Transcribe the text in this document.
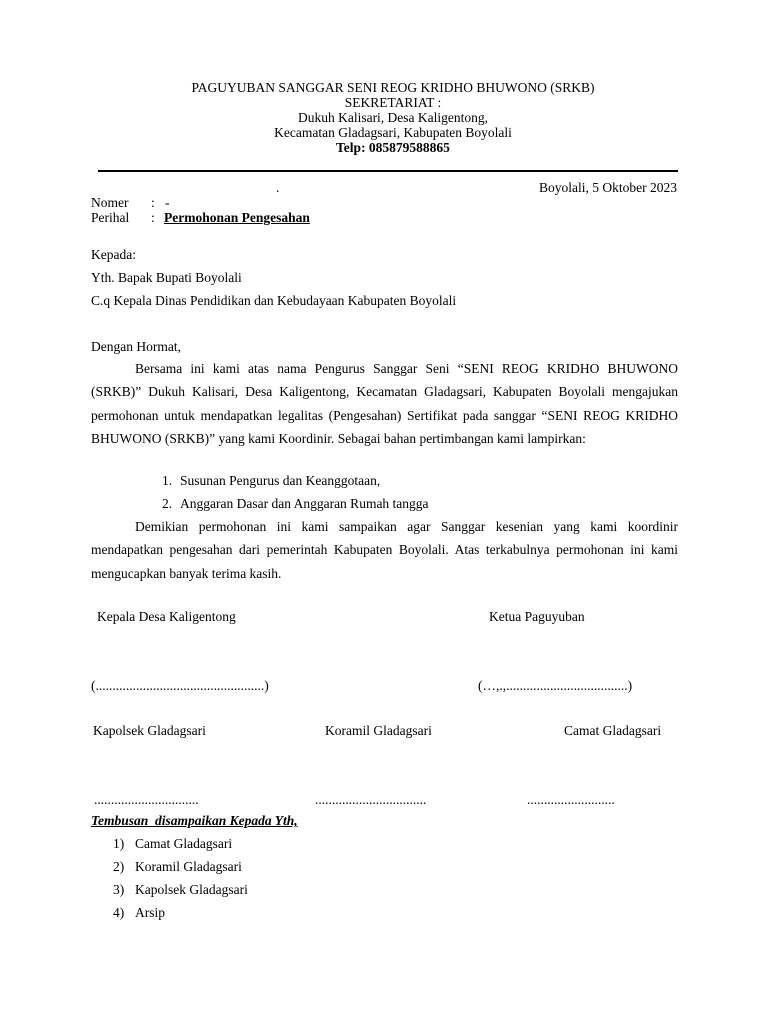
PAGUYUBAN SANGGAR SENI REOG KRIDHO BHUWONO (SRKB)
SEKRETARIAT :
Dukuh Kalisari, Desa Kaligentong,
Kecamatan Gladagsari, Kabupaten Boyolali
Telp: 085879588865
.	Boyolali, 5 Oktober 2023
Nomer : -
Perihal : Permohonan Pengesahan
Kepada:
Yth. Bapak Bupati Boyolali
C.q Kepala Dinas Pendidikan dan Kebudayaan Kabupaten Boyolali
Dengan Hormat,
Bersama ini kami atas nama Pengurus Sanggar Seni “SENI REOG KRIDHO BHUWONO (SRKB)” Dukuh Kalisari, Desa Kaligentong, Kecamatan Gladagsari, Kabupaten Boyolali mengajukan permohonan untuk mendapatkan legalitas (Pengesahan) Sertifikat pada sanggar “SENI REOG KRIDHO BHUWONO (SRKB)” yang kami Koordinir. Sebagai bahan pertimbangan kami lampirkan:
1. Susunan Pengurus dan Keanggotaan,
2. Anggaran Dasar dan Anggaran Rumah tangga
Demikian permohonan ini kami sampaikan agar Sanggar kesenian yang kami koordinir mendapatkan pengesahan dari pemerintah Kabupaten Boyolali. Atas terkabulnya permohonan ini kami mengucapkan banyak terima kasih.
Kepala Desa Kaligentong	Ketua Paguyuban
(..................................................)	(…,.,....................................)
Kapolsek Gladagsari	Koramil Gladagsari	Camat Gladagsari
...............................	.................................	..........................
Tembusan  disampaikan Kepada Yth,
1) Camat Gladagsari
2) Koramil Gladagsari
3) Kapolsek Gladagsari
4) Arsip
